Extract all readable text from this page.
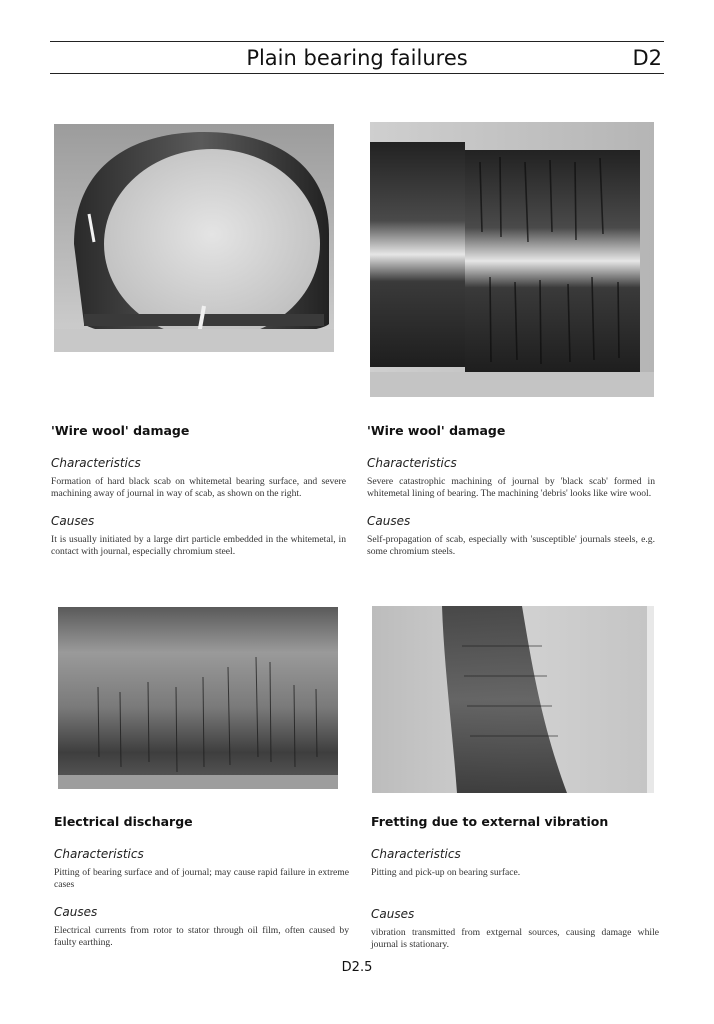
Plain bearing failures	D2
'Wire wool' damage
Characteristics

Formation of hard black scab on whitemetal bearing surface, and severe machining away of journal in way of scab, as shown on the right.

Causes

It is usually initiated by a large dirt particle embedded in the whitemetal, in contact with journal, especially chromium steel.

'Wire wool' damage
Characteristics

Severe catastrophic machining of journal by 'black scab' formed in whitemetal lining of bearing. The machining 'debris' looks like wire wool.

Causes

Self-propagation of scab, especially with 'susceptible' journals steels, e.g. some chromium steels.

Electrical discharge
Characteristics

Pitting of bearing surface and of journal; may cause rapid failure in extreme cases

Causes

Electrical currents from rotor to stator through oil film, often caused by faulty earthing.

Fretting due to external vibration
Characteristics

Pitting and pick-up on bearing surface.

Causes

vibration transmitted from extgernal sources, causing damage while journal is stationary.

D2.5
